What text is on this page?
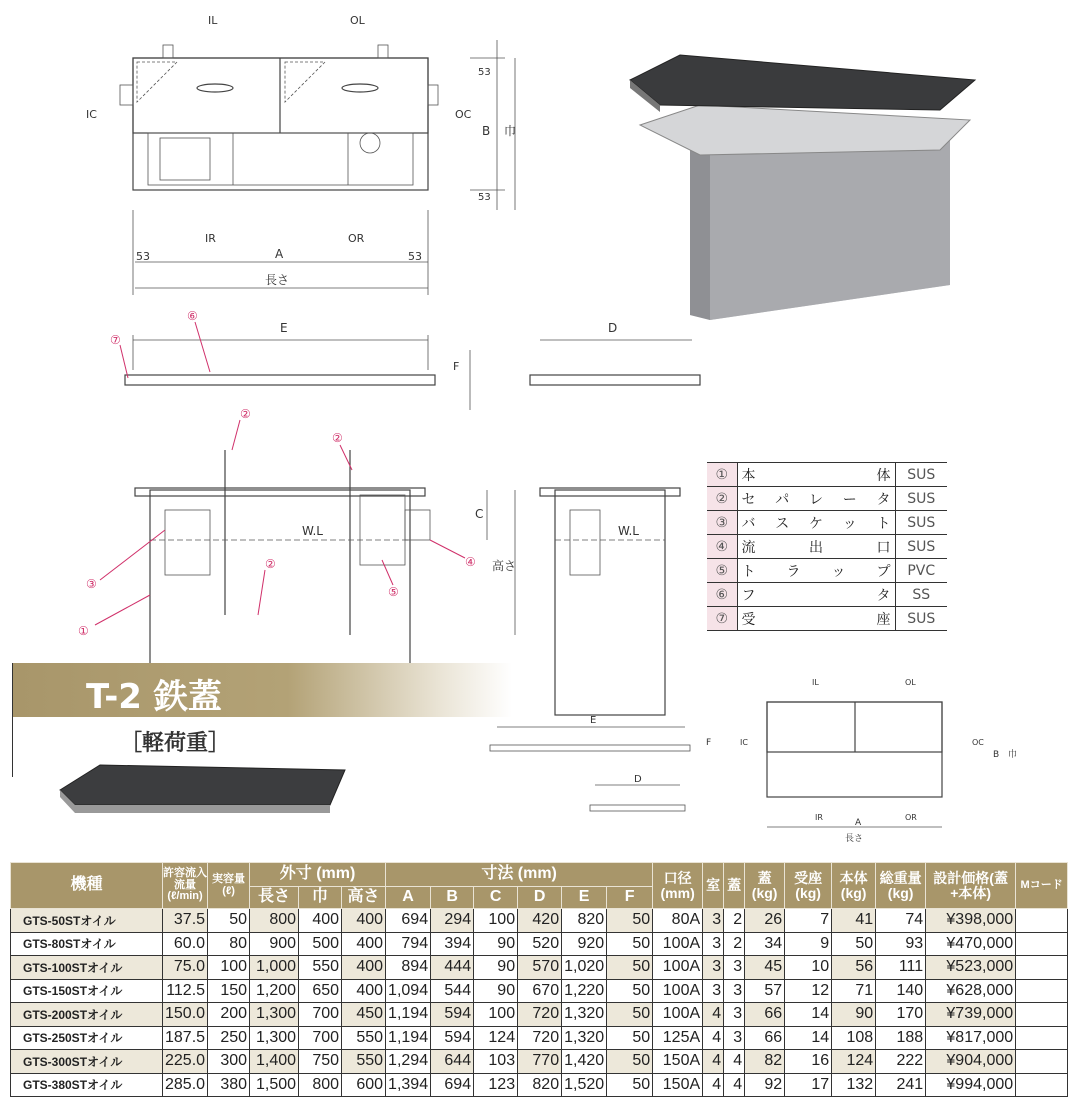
IL	OL
IC	OC
IR	OR
53	53
A
長さ
B 巾
53
53
E
F
D
⑥
⑦
②
②
②
③
①
④
⑤
W.L	W.L
C
高さ
①	本 体	SUS
②	セ パ レ ー タ	SUS
③	バ ス ケ ッ ト	SUS
④	流 出 口	SUS
⑤	ト ラ ッ プ	PVC
⑥	フ タ	SS
⑦	受 座	SUS
T-2 鉄蓋
［軽荷重］
E
F
D
IL	OL
IC	OC
IR	OR
A
長さ
B 巾
機種	許容流入流量(ℓ/min)	実容量(ℓ)	外寸 (mm)			寸法 (mm)						口径(mm)	室	蓋	蓋(kg)	受座(kg)	本体(kg)	総重量(kg)	設計価格(蓋+本体)	Mコード
			長さ	巾	高さ	A	B	C	D	E	F									
GTS-50STオイル	37.5	50	800	400	400	694	294	100	420	820	50	80A	3	2	26	7	41	74	¥398,000	
GTS-80STオイル	60.0	80	900	500	400	794	394	90	520	920	50	100A	3	2	34	9	50	93	¥470,000	
GTS-100STオイル	75.0	100	1,000	550	400	894	444	90	570	1,020	50	100A	3	3	45	10	56	111	¥523,000	
GTS-150STオイル	112.5	150	1,200	650	400	1,094	544	90	670	1,220	50	100A	3	3	57	12	71	140	¥628,000	
GTS-200STオイル	150.0	200	1,300	700	450	1,194	594	100	720	1,320	50	100A	4	3	66	14	90	170	¥739,000	
GTS-250STオイル	187.5	250	1,300	700	550	1,194	594	124	720	1,320	50	125A	4	3	66	14	108	188	¥817,000	
GTS-300STオイル	225.0	300	1,400	750	550	1,294	644	103	770	1,420	50	150A	4	4	82	16	124	222	¥904,000	
GTS-380STオイル	285.0	380	1,500	800	600	1,394	694	123	820	1,520	50	150A	4	4	92	17	132	241	¥994,000	
